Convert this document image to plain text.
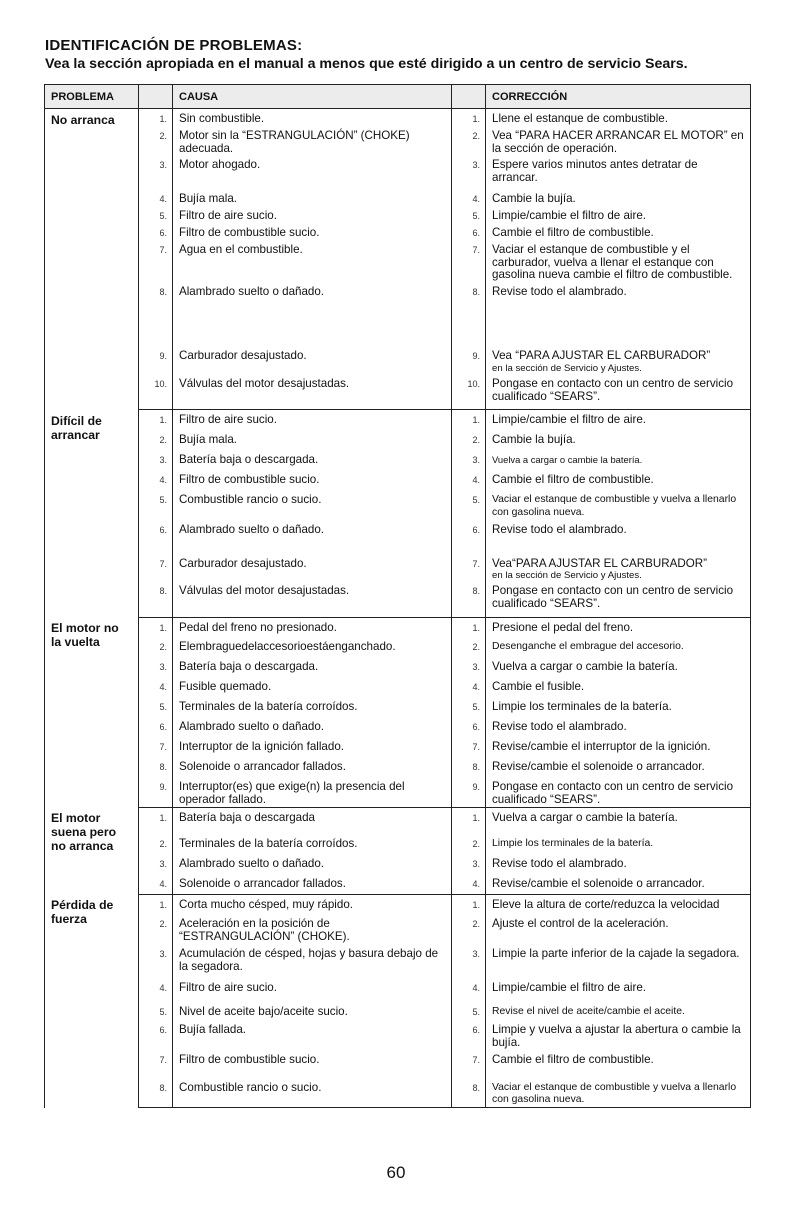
IDENTIFICACIÓN DE PROBLEMAS:
Vea la sección apropiada en el manual a menos que esté dirigido a un centro de servicio Sears.
PROBLEMA		CAUSA		CORRECCIÓN
No arranca	1.	Sin combustible.	1.	Llene el estanque de combustible.
	2.	Motor sin la “ESTRANGULACIÓN” (CHOKE) adecuada.	2.	Vea “PARA HACER ARRANCAR EL MOTOR” en la sección de operación.
	3.	Motor ahogado.	3.	Espere varios minutos antes detratar de arrancar.
	4.	Bujía mala.	4.	Cambie la bujía.
	5.	Filtro de aire sucio.	5.	Limpie/cambie el filtro de aire.
	6.	Filtro de combustible sucio.	6.	Cambie el filtro de combustible.
	7.	Agua en el combustible.	7.	Vaciar el estanque de combustible y el carburador, vuelva a llenar el estanque con gasolina nueva cambie el filtro de combustible.
	8.	Alambrado suelto o dañado.	8.	Revise todo el alambrado.
	9.	Carburador desajustado.	9.	Vea “PARA AJUSTAR EL CARBURADOR”
en la sección de Servicio y Ajustes.

	10.	Válvulas del motor desajustadas.	10.	Pongase en contacto con un centro de servicio cualificado “SEARS”.
Difícil de
arrancar	1.	Filtro de aire sucio.	1.	Limpie/cambie el filtro de aire.
	2.	Bujía mala.	2.	Cambie la bujía.
	3.	Batería baja o descargada.	3.	Vuelva a cargar o cambie la batería.
	4.	Filtro de combustible sucio.	4.	Cambie el filtro de combustible.
	5.	Combustible rancio o sucio.	5.	Vaciar el estanque de combustible y vuelva a llenarlo con gasolina nueva.
	6.	Alambrado suelto o dañado.	6.	Revise todo el alambrado.
	7.	Carburador desajustado.	7.	Vea“PARA AJUSTAR EL CARBURADOR”
en la sección de Servicio y Ajustes.

	8.	Válvulas del motor desajustadas.	8.	Pongase en contacto con un centro de servicio cualificado “SEARS”.
El motor no
la vuelta	1.	Pedal del freno no presionado.	1.	Presione el pedal del freno.
	2.	Elembraguedelaccesorioestáenganchado.	2.	Desenganche el embrague del accesorio.
	3.	Batería baja o descargada.	3.	Vuelva a cargar o cambie la batería.
	4.	Fusible quemado.	4.	Cambie el fusible.
	5.	Terminales de la batería corroídos.	5.	Limpie los terminales de la batería.
	6.	Alambrado suelto o dañado.	6.	Revise todo el alambrado.
	7.	Interruptor de la ignición fallado.	7.	Revise/cambie el interruptor de la ignición.
	8.	Solenoide o arrancador fallados.	8.	Revise/cambie el solenoide o arrancador.
	9.	Interruptor(es) que exige(n) la presencia del operador fallado.	9.	Pongase en contacto con un centro de servicio cualificado “SEARS”.
El motor
suena pero
no arranca	1.	Batería baja o descargada	1.	Vuelva a cargar o cambie la batería.
	2.	Terminales de la batería corroídos.	2.	Limpie los terminales de la batería.
	3.	Alambrado suelto o dañado.	3.	Revise todo el alambrado.
	4.	Solenoide o arrancador fallados.	4.	Revise/cambie el solenoide o arrancador.
Pérdida de
fuerza	1.	Corta mucho césped, muy rápido.	1.	Eleve la altura de corte/reduzca la velocidad
	2.	Aceleración en la posición de “ESTRANGULACIÓN” (CHOKE).	2.	Ajuste el control de la aceleración.
	3.	Acumulación de césped, hojas y basura debajo de la segadora.	3.	Limpie la parte inferior de la cajade la segadora.
	4.	Filtro de aire sucio.	4.	Limpie/cambie el filtro de aire.
	5.	Nivel de aceite bajo/aceite sucio.	5.	Revise el nivel de aceite/cambie el aceite.
	6.	Bujía fallada.	6.	Limpie y vuelva a ajustar la abertura o cambie la bujía.
	7.	Filtro de combustible sucio.	7.	Cambie el filtro de combustible.
	8.	Combustible rancio o sucio.	8.	Vaciar el estanque de combustible y vuelva a llenarlo con gasolina nueva.
60
